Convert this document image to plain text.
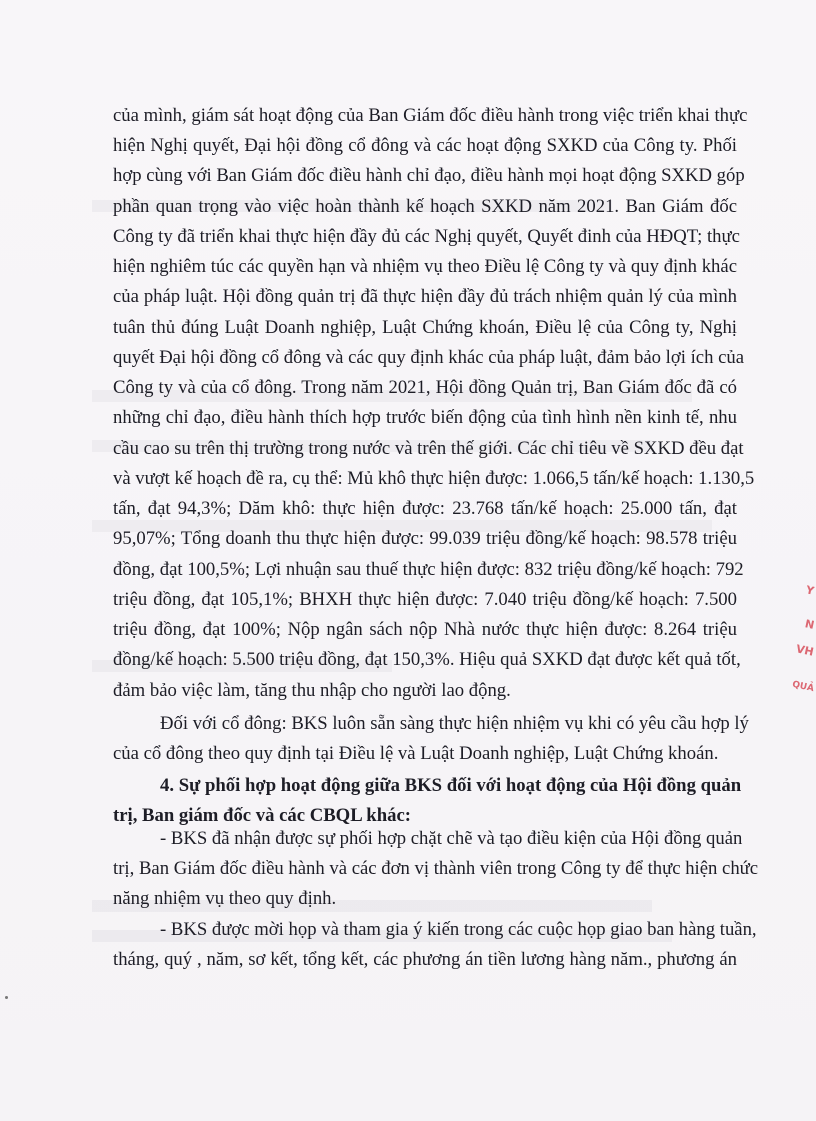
Y
N
VH
QUẢ
của mình, giám sát hoạt động của Ban Giám đốc điều hành trong việc triển khai thực
hiện Nghị quyết, Đại hội đồng cổ đông và các hoạt động SXKD của Công ty. Phối
hợp cùng với Ban Giám đốc điều hành chỉ đạo, điều hành mọi hoạt động SXKD góp
phần quan trọng vào việc hoàn thành kế hoạch SXKD năm 2021. Ban Giám đốc
Công ty đã triển khai thực hiện đầy đủ các Nghị quyết, Quyết đinh của HĐQT; thực
hiện nghiêm túc các quyền hạn và nhiệm vụ theo Điều lệ Công ty và quy định khác
của pháp luật. Hội đồng quản trị đã thực hiện đầy đủ trách nhiệm quản lý của mình
tuân thủ đúng Luật Doanh nghiệp, Luật Chứng khoán, Điều lệ của Công ty, Nghị
quyết Đại hội đồng cổ đông và các quy định khác của pháp luật, đảm bảo lợi ích của
Công ty và của cổ đông. Trong năm 2021, Hội đồng Quản trị, Ban Giám đốc đã có
những chỉ đạo, điều hành thích hợp trước biến động của tình hình nền kinh tế, nhu
cầu cao su trên thị trường trong nước và trên thế giới. Các chỉ tiêu về SXKD đều đạt
và vượt kế hoạch đề ra, cụ thể: Mủ khô thực hiện được: 1.066,5 tấn/kế hoạch: 1.130,5
tấn, đạt 94,3%; Dăm khô: thực hiện được: 23.768 tấn/kế hoạch: 25.000 tấn, đạt
95,07%; Tổng doanh thu thực hiện được: 99.039 triệu đồng/kế hoạch: 98.578 triệu
đồng, đạt 100,5%; Lợi nhuận sau thuế thực hiện được: 832 triệu đồng/kế hoạch: 792
triệu đồng, đạt 105,1%; BHXH thực hiện được: 7.040 triệu đồng/kế hoạch: 7.500
triệu đồng, đạt 100%; Nộp ngân sách nộp Nhà nước thực hiện được: 8.264 triệu
đồng/kế hoạch: 5.500 triệu đồng, đạt 150,3%. Hiệu quả SXKD đạt được kết quả tốt,
đảm bảo việc làm, tăng thu nhập cho người lao động.
Đối với cổ đông: BKS luôn sẵn sàng thực hiện nhiệm vụ khi có yêu cầu hợp lý
của cổ đông theo quy định tại Điều lệ và Luật Doanh nghiệp, Luật Chứng khoán.
4. Sự phối hợp hoạt động giữa BKS đối với hoạt động của Hội đồng quản
trị, Ban giám đốc và các CBQL khác:
- BKS đã nhận được sự phối hợp chặt chẽ và tạo điều kiện của Hội đồng quản
trị, Ban Giám đốc điều hành và các đơn vị thành viên trong Công ty để thực hiện chức
năng nhiệm vụ theo quy định.
- BKS được mời họp và tham gia ý kiến trong các cuộc họp giao ban hàng tuần,
tháng, quý , năm, sơ kết, tổng kết, các phương án tiền lương hàng năm., phương án
